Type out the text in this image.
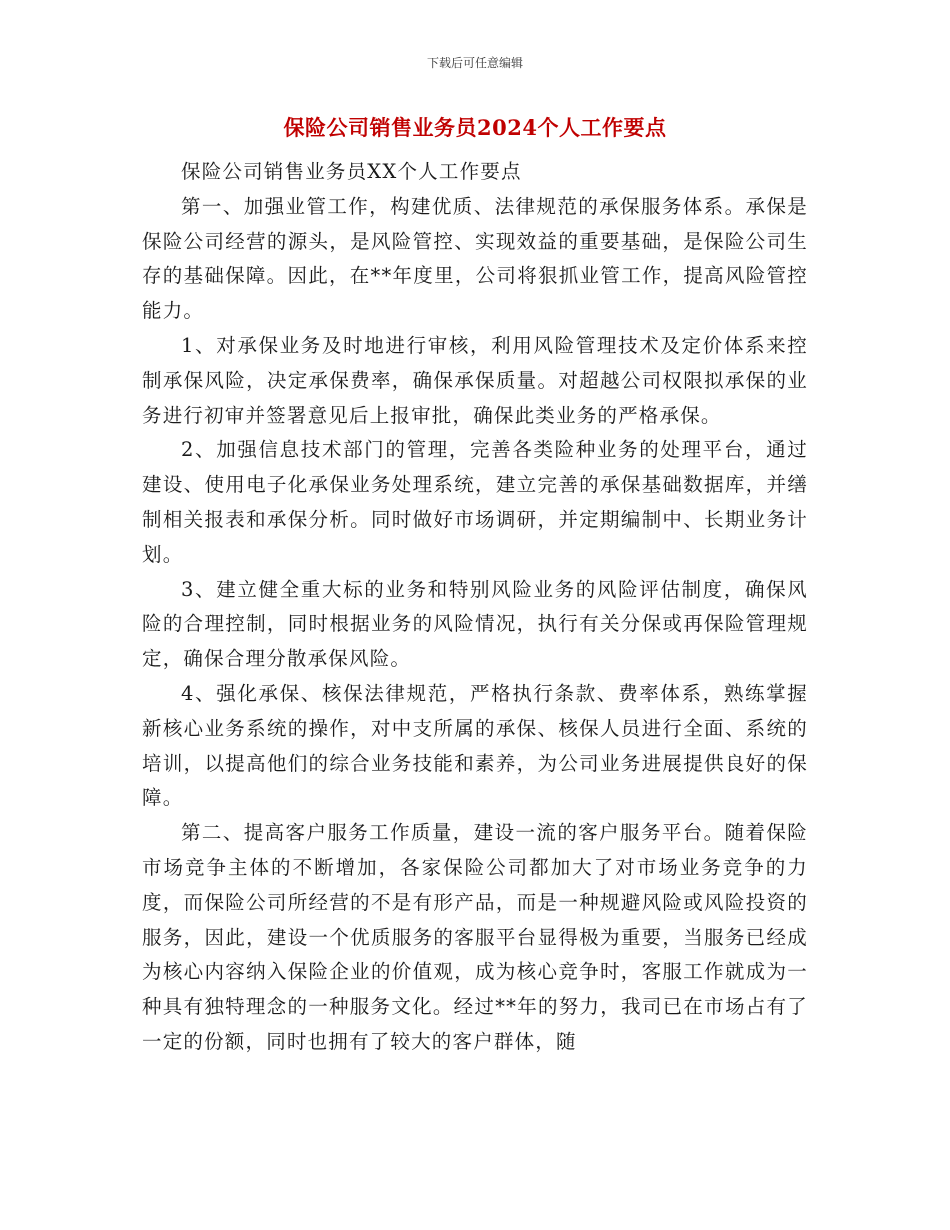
下载后可任意编辑
保险公司销售业务员2024个人工作要点

保险公司销售业务员XX个人工作要点

第一、加强业管工作，构建优质、法律规范的承保服务体系。承保是保险公司经营的源头，是风险管控、实现效益的重要基础，是保险公司生存的基础保障。因此，在**年度里，公司将狠抓业管工作，提高风险管控能力。

1、对承保业务及时地进行审核，利用风险管理技术及定价体系来控制承保风险，决定承保费率，确保承保质量。对超越公司权限拟承保的业务进行初审并签署意见后上报审批，确保此类业务的严格承保。

2、加强信息技术部门的管理，完善各类险种业务的处理平台，通过建设、使用电子化承保业务处理系统，建立完善的承保基础数据库，并缮制相关报表和承保分析。同时做好市场调研，并定期编制中、长期业务计划。

3、建立健全重大标的业务和特别风险业务的风险评估制度，确保风险的合理控制，同时根据业务的风险情况，执行有关分保或再保险管理规定，确保合理分散承保风险。

4、强化承保、核保法律规范，严格执行条款、费率体系，熟练掌握新核心业务系统的操作，对中支所属的承保、核保人员进行全面、系统的培训，以提高他们的综合业务技能和素养，为公司业务进展提供良好的保障。

第二、提高客户服务工作质量，建设一流的客户服务平台。随着保险市场竞争主体的不断增加，各家保险公司都加大了对市场业务竞争的力度，而保险公司所经营的不是有形产品，而是一种规避风险或风险投资的服务，因此，建设一个优质服务的客服平台显得极为重要，当服务已经成为核心内容纳入保险企业的价值观，成为核心竞争时，客服工作就成为一种具有独特理念的一种服务文化。经过**年的努力，我司已在市场占有了一定的份额，同时也拥有了较大的客户群体，随
